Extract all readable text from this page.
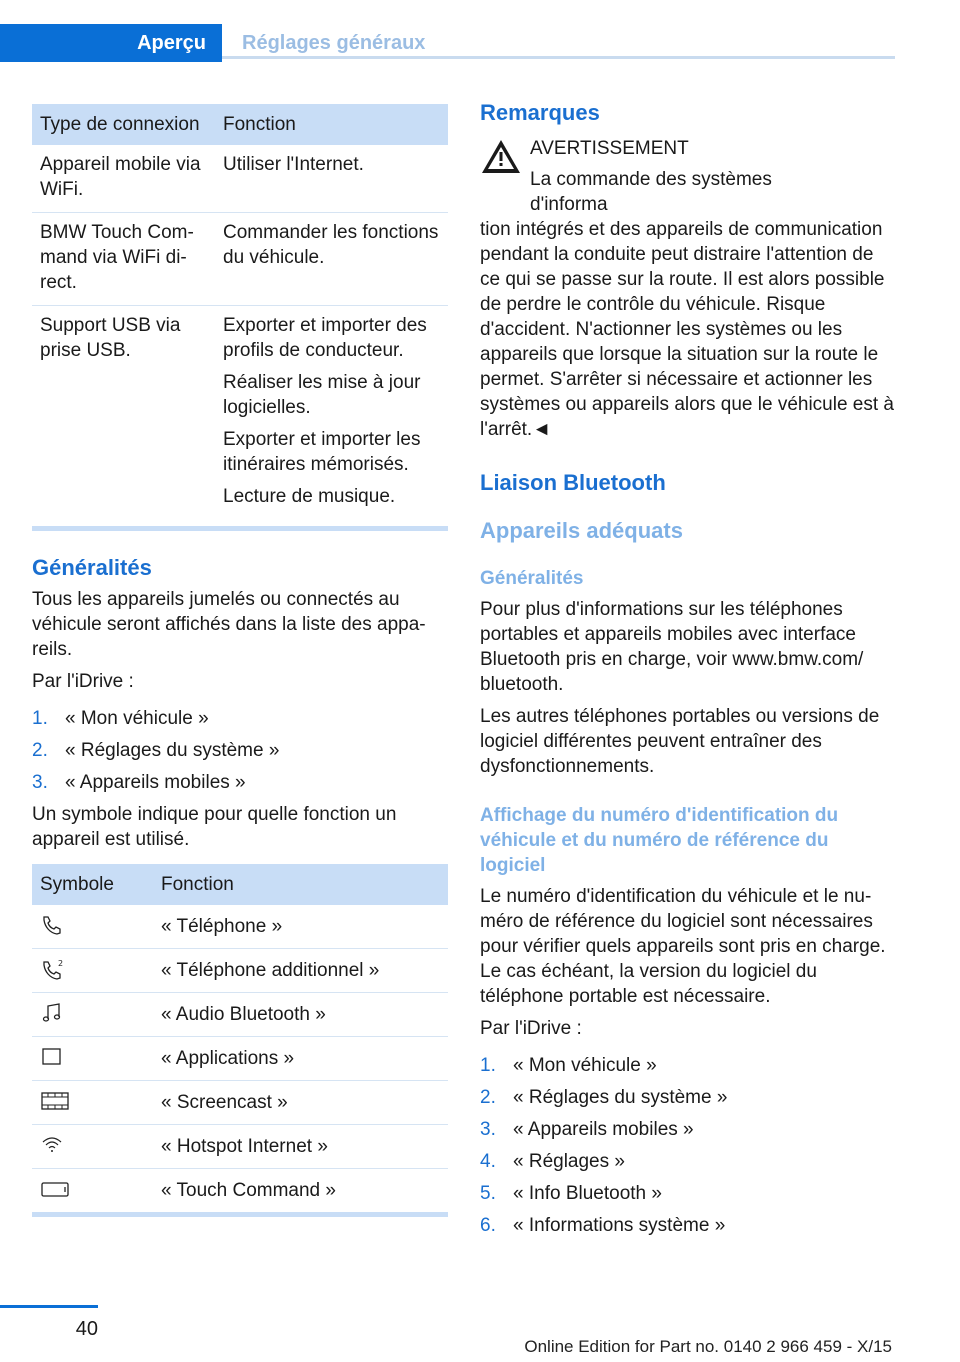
Aperçu	Réglages généraux
Type de connexion	Fonction
Appareil mobile via WiFi.	Utiliser l'Internet.

BMW Touch Command via WiFi direct.	Commander les fonctions du véhicule.

Support USB via prise USB.	Exporter et importer des profils de conducteur.

Réaliser les mise à jour logicielles.

Exporter et importer les itinéraires mémorisés.

Lecture de musique.

Généralités

Tous les appareils jumelés ou connectés au véhicule seront affichés dans la liste des appareils.

Par l'iDrive :

1. « Mon véhicule »
2. « Réglages du système »
3. « Appareils mobiles »

Un symbole indique pour quelle fonction un appareil est utilisé.

Symbole	Fonction

	« Téléphone »

2	« Téléphone additionnel »

	« Audio Bluetooth »

	« Applications »

	« Screencast »

	« Hotspot Internet »

	« Touch Command »
Remarques
AVERTISSEMENT
La commande des systèmes d'informa

tion intégrés et des appareils de communication pendant la conduite peut distraire l'attention de ce qui se passe sur la route. Il est alors possible de perdre le contrôle du véhicule. Risque d'accident. N'actionner les systèmes ou les appareils que lorsque la situation sur la route le permet. S'arrêter si nécessaire et actionner les systèmes ou appareils alors que le véhicule est à l'arrêt.◄

Liaison Bluetooth
Appareils adéquats
Généralités

Pour plus d'informations sur les téléphones portables et appareils mobiles avec interface Bluetooth pris en charge, voir www.bmw.com/ bluetooth.

Les autres téléphones portables ou versions de logiciel différentes peuvent entraîner des dysfonctionnements.

Affichage du numéro d'identification du véhicule et du numéro de référence du logiciel

Le numéro d'identification du véhicule et le numéro de référence du logiciel sont nécessaires pour vérifier quels appareils sont pris en charge. Le cas échéant, la version du logiciel du téléphone portable est nécessaire.

Par l'iDrive :

1. « Mon véhicule »
2. « Réglages du système »
3. « Appareils mobiles »
4. « Réglages »
5. « Info Bluetooth »
6. « Informations système »
40
Online Edition for Part no. 0140 2 966 459 - X/15
